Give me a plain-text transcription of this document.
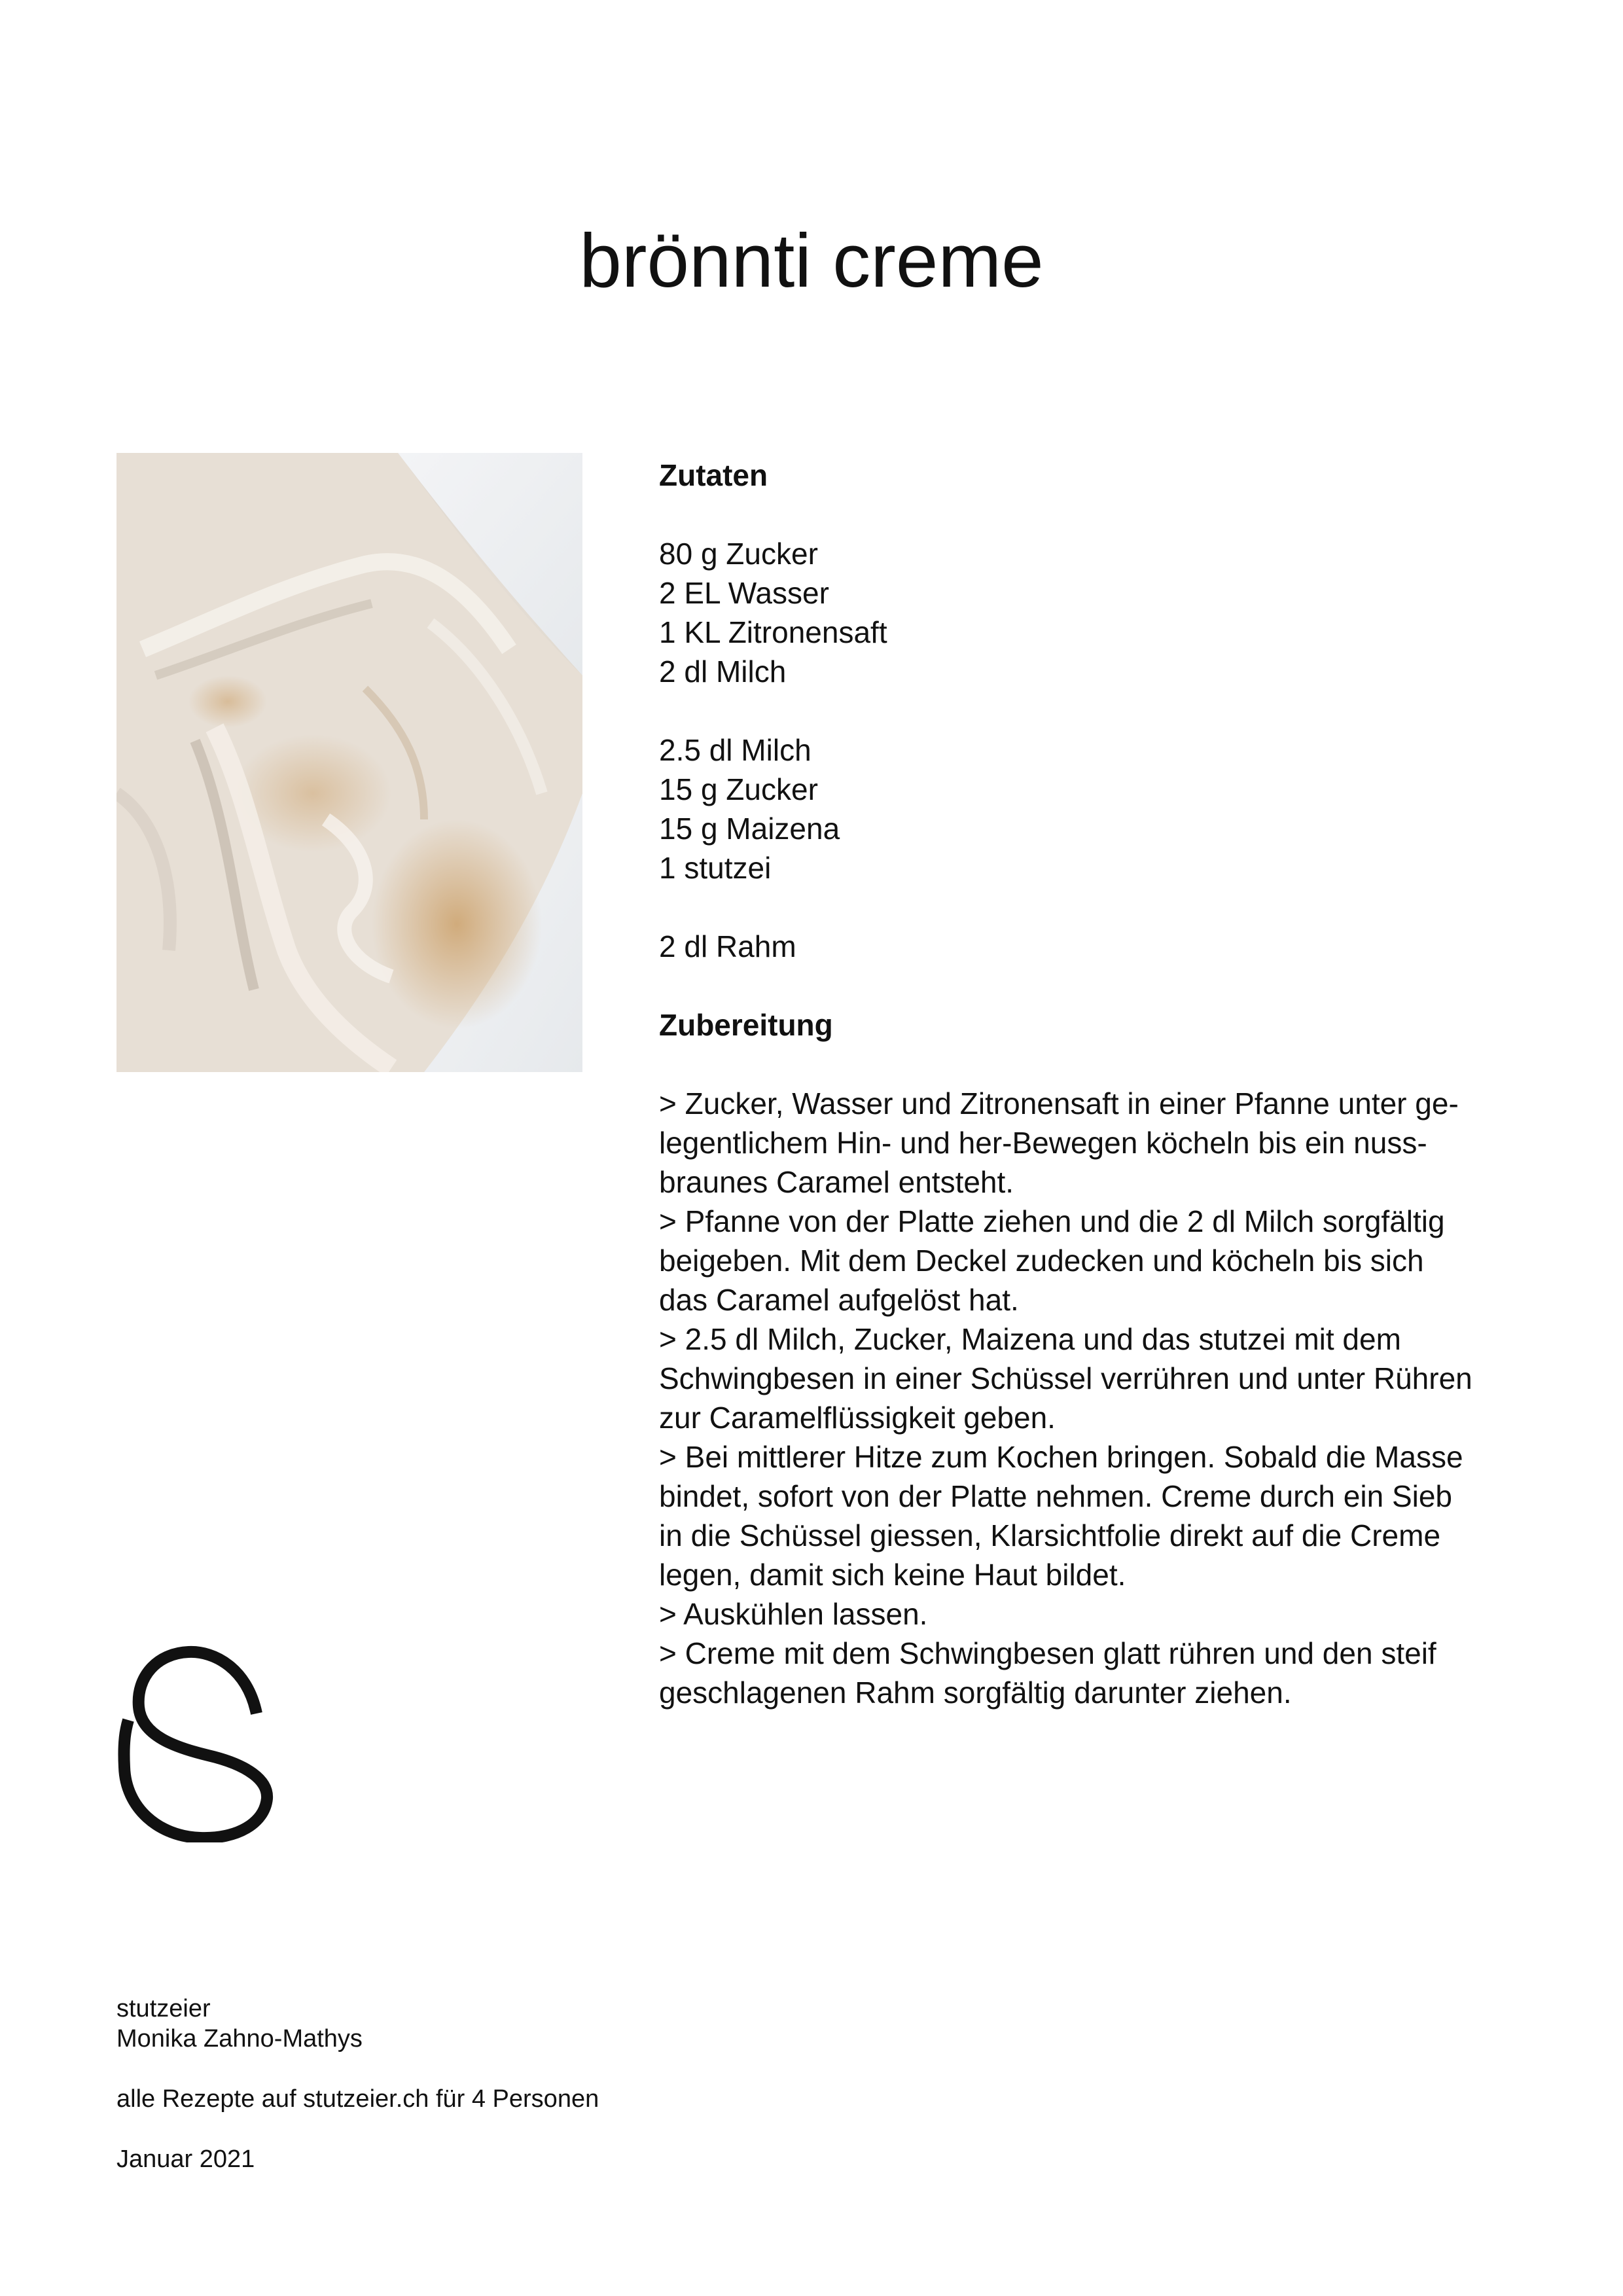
brönnti creme
Zutaten
80 g Zucker
2 EL Wasser
1 KL Zitronensaft
2 dl Milch
2.5 dl Milch
15 g Zucker
15 g Maizena
1 stutzei
2 dl Rahm
Zubereitung
> Zucker, Wasser und Zitronensaft in einer Pfanne unter ge-
legentlichem Hin- und her-Bewegen köcheln bis ein nuss-
braunes Caramel entsteht.
> Pfanne von der Platte ziehen und die 2 dl Milch sorgfältig
beigeben. Mit dem Deckel zudecken und köcheln bis sich
das Caramel aufgelöst hat.
> 2.5 dl Milch, Zucker, Maizena und das stutzei mit dem
Schwingbesen in einer Schüssel verrühren und unter Rühren
zur Caramelflüssigkeit geben.
> Bei mittlerer Hitze zum Kochen bringen. Sobald die Masse
bindet, sofort von der Platte nehmen. Creme durch ein Sieb
in die Schüssel giessen, Klarsichtfolie direkt auf die Creme
legen, damit sich keine Haut bildet.
> Auskühlen lassen.
> Creme mit dem Schwingbesen glatt rühren und den steif
geschlagenen Rahm sorgfältig darunter ziehen.
stutzeier
Monika Zahno-Mathys
alle Rezepte auf stutzeier.ch für 4 Personen
Januar 2021
